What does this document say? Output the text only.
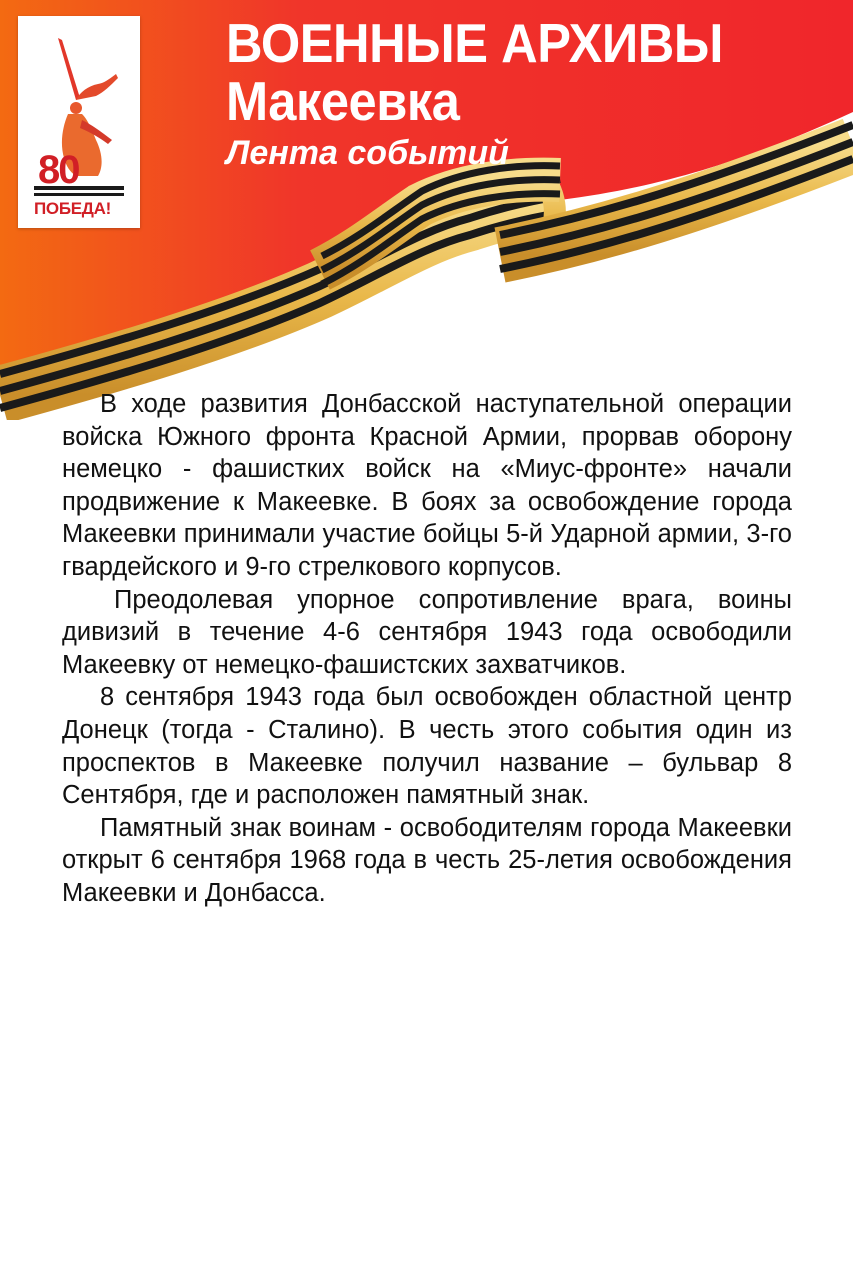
80
ПОБЕДА!
ВОЕННЫЕ АРХИВЫ
Макеевка
Лента событий

В ходе развития Донбасской наступательной операции войска Южного фронта Красной Армии, прорвав оборону немецко - фашистких войск на «Миус-фронте» начали продвижение к Макеевке. В боях за освобождение города Макеевки принимали участие бойцы 5-й Ударной армии, 3-го гвардейского и 9-го стрелкового корпусов.

Преодолевая упорное сопротивление врага, воины дивизий в течение 4-6 сентября 1943 года освободили Макеевку от немецко-фашистских захватчиков.

8 сентября 1943 года был освобожден областной центр Донецк (тогда - Сталино). В честь этого события один из проспектов в Макеевке получил название – бульвар 8 Сентября, где и расположен памятный знак.

Памятный знак воинам - освободителям города Макеевки открыт 6 сентября 1968 года в честь 25-летия освобождения Макеевки и Донбасса.
